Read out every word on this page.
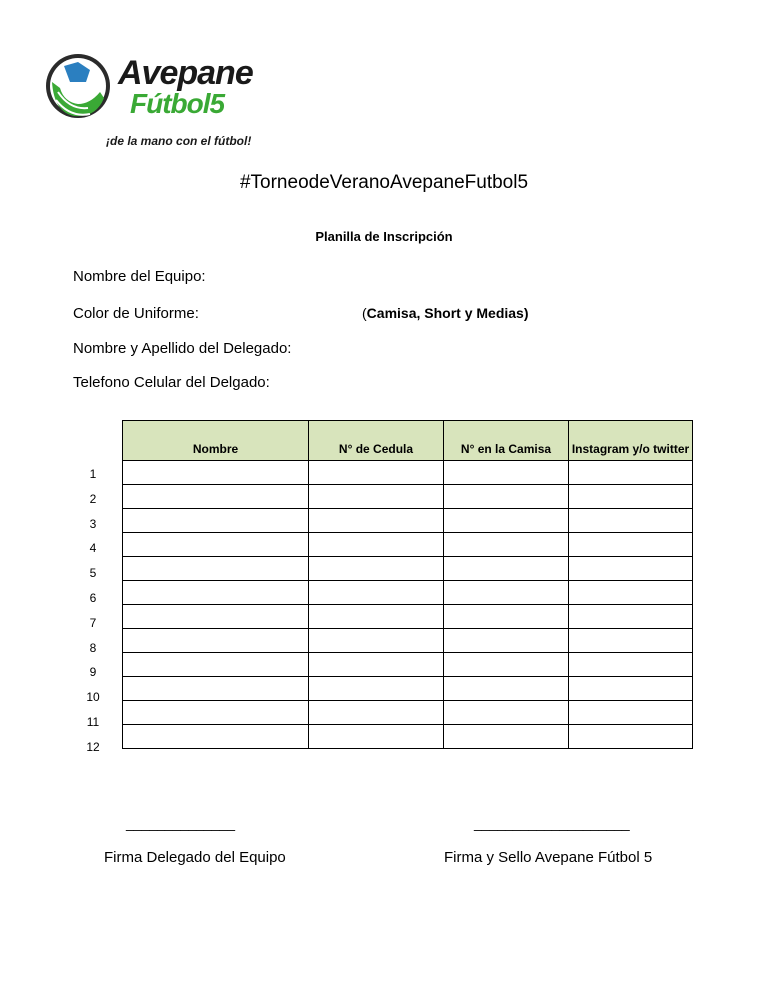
Avepane
Fútbol5
¡de la mano con el fútbol!
#TorneodeVeranoAvepaneFutbol5
Planilla de Inscripción
Nombre del Equipo:
Color de Uniforme:	(Camisa, Short y Medias)
Nombre y Apellido del Delegado:
Telefono Celular del Delgado:
Nombre	N° de Cedula	N° en la Camisa	Instagram y/o twitter

1
2
3
4
5
6
7
8
9
10
11
12
______________
Firma Delegado del Equipo
____________________
Firma y Sello Avepane Fútbol 5
